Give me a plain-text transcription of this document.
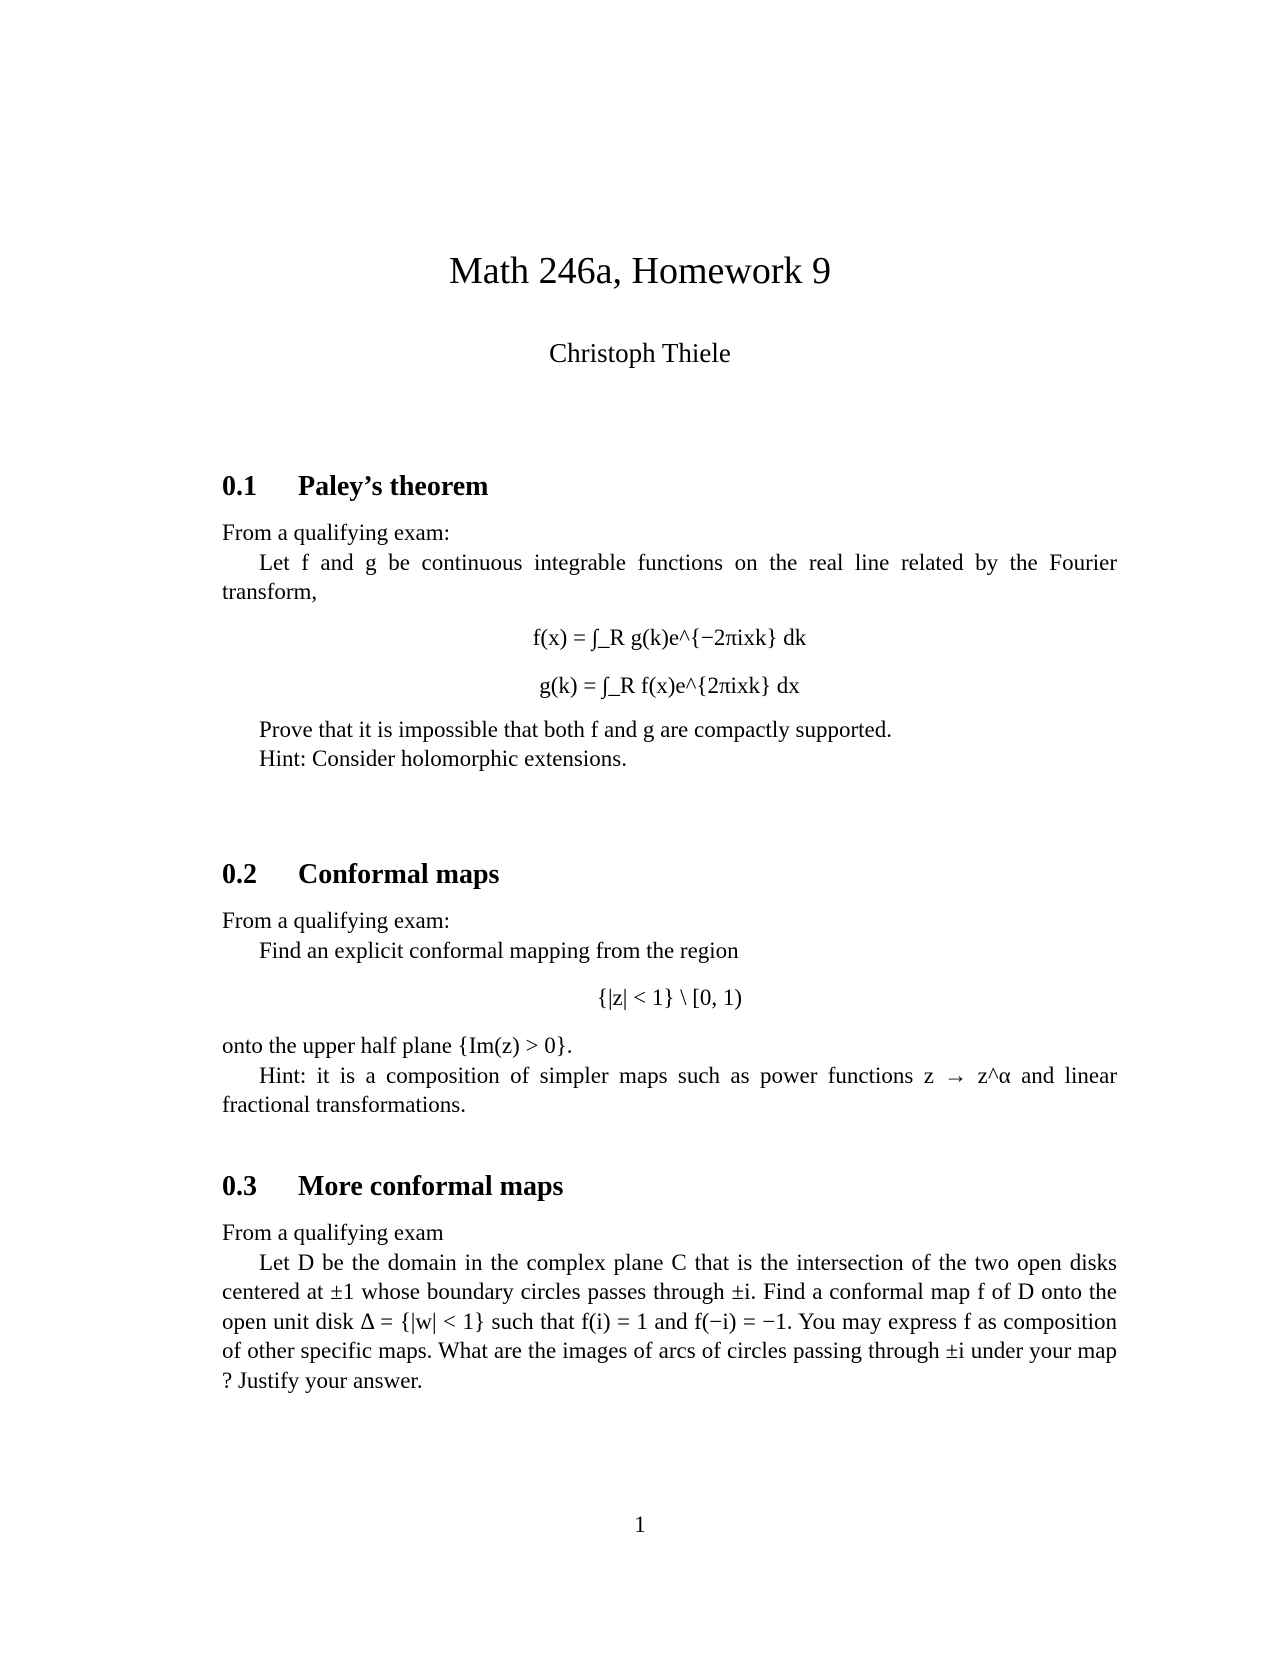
Math 246a, Homework 9
Christoph Thiele
0.1 Paley’s theorem

From a qualifying exam:

Let f and g be continuous integrable functions on the real line related by the Fourier transform,

f(x) = ∫_R g(k)e^{−2πixk} dk

g(k) = ∫_R f(x)e^{2πixk} dx

Prove that it is impossible that both f and g are compactly supported.

Hint: Consider holomorphic extensions.

0.2 Conformal maps

From a qualifying exam:

Find an explicit conformal mapping from the region

{|z| < 1} \ [0, 1)

onto the upper half plane {Im(z) > 0}.

Hint: it is a composition of simpler maps such as power functions z → z^α and linear fractional transformations.

0.3 More conformal maps

From a qualifying exam

Let D be the domain in the complex plane C that is the intersection of the two open disks centered at ±1 whose boundary circles passes through ±i. Find a conformal map f of D onto the open unit disk Δ = {|w| < 1} such that f(i) = 1 and f(−i) = −1. You may express f as composition of other specific maps. What are the images of arcs of circles passing through ±i under your map ? Justify your answer.

1
